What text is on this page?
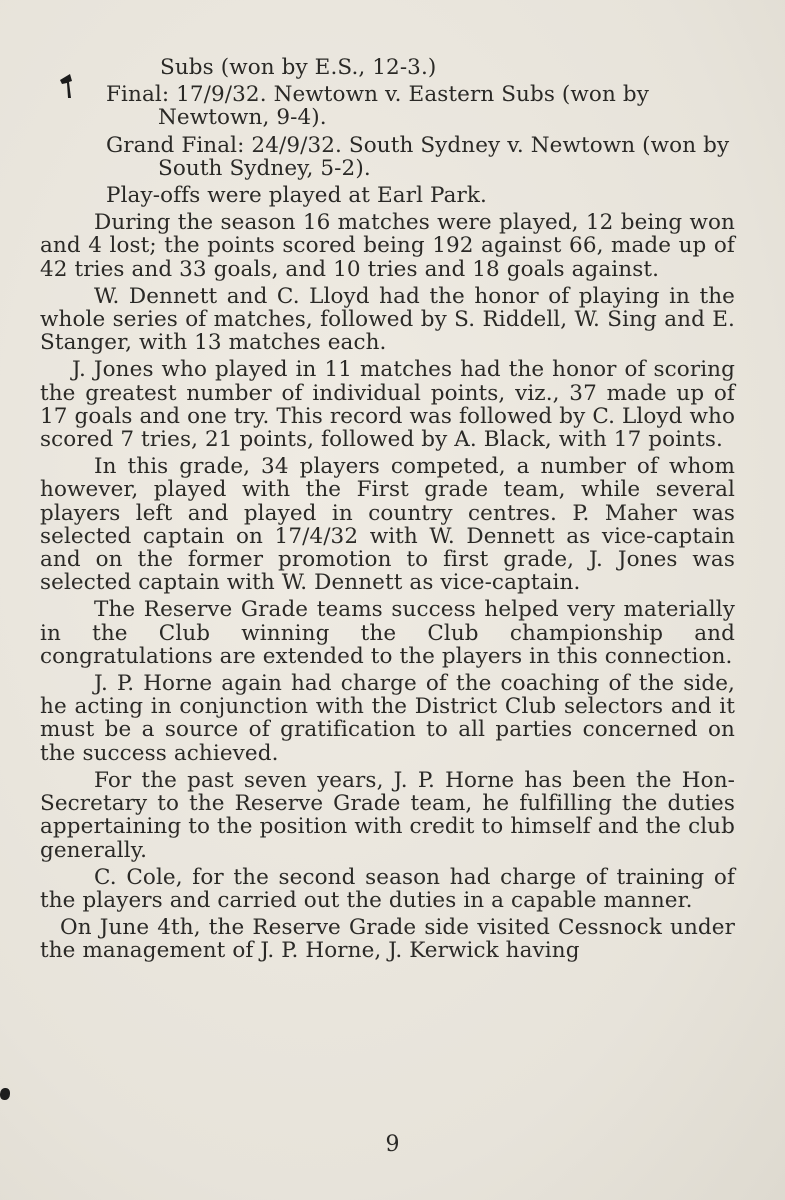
Subs (won by E.S., 12-3.)

Final: 17/9/32. Newtown v. Eastern Subs (won by Newtown, 9-4).

Grand Final: 24/9/32. South Sydney v. Newtown (won by South Sydney, 5-2).

Play-offs were played at Earl Park.

During the season 16 matches were played, 12 being won and 4 lost; the points scored being 192 against 66, made up of 42 tries and 33 goals, and 10 tries and 18 goals against.

W. Dennett and C. Lloyd had the honor of playing in the whole series of matches, followed by S. Riddell, W. Sing and E. Stanger, with 13 matches each.

J. Jones who played in 11 matches had the honor of scoring the greatest number of individual points, viz., 37 made up of 17 goals and one try. This record was followed by C. Lloyd who scored 7 tries, 21 points, followed by A. Black, with 17 points.

In this grade, 34 players competed, a number of whom however, played with the First grade team, while several players left and played in country centres. P. Maher was selected captain on 17/4/32 with W. Dennett as vice-captain and on the former promotion to first grade, J. Jones was selected captain with W. Dennett as vice-captain.

The Reserve Grade teams success helped very materially in the Club winning the Club championship and congratulations are extended to the players in this connection.

J. P. Horne again had charge of the coaching of the side, he acting in conjunction with the District Club selectors and it must be a source of gratification to all parties concerned on the success achieved.

For the past seven years, J. P. Horne has been the Hon-Secretary to the Reserve Grade team, he fulfilling the duties appertaining to the position with credit to himself and the club generally.

C. Cole, for the second season had charge of training of the players and carried out the duties in a capable manner.

On June 4th, the Reserve Grade side visited Cessnock under the management of J. P. Horne, J. Kerwick having

9
